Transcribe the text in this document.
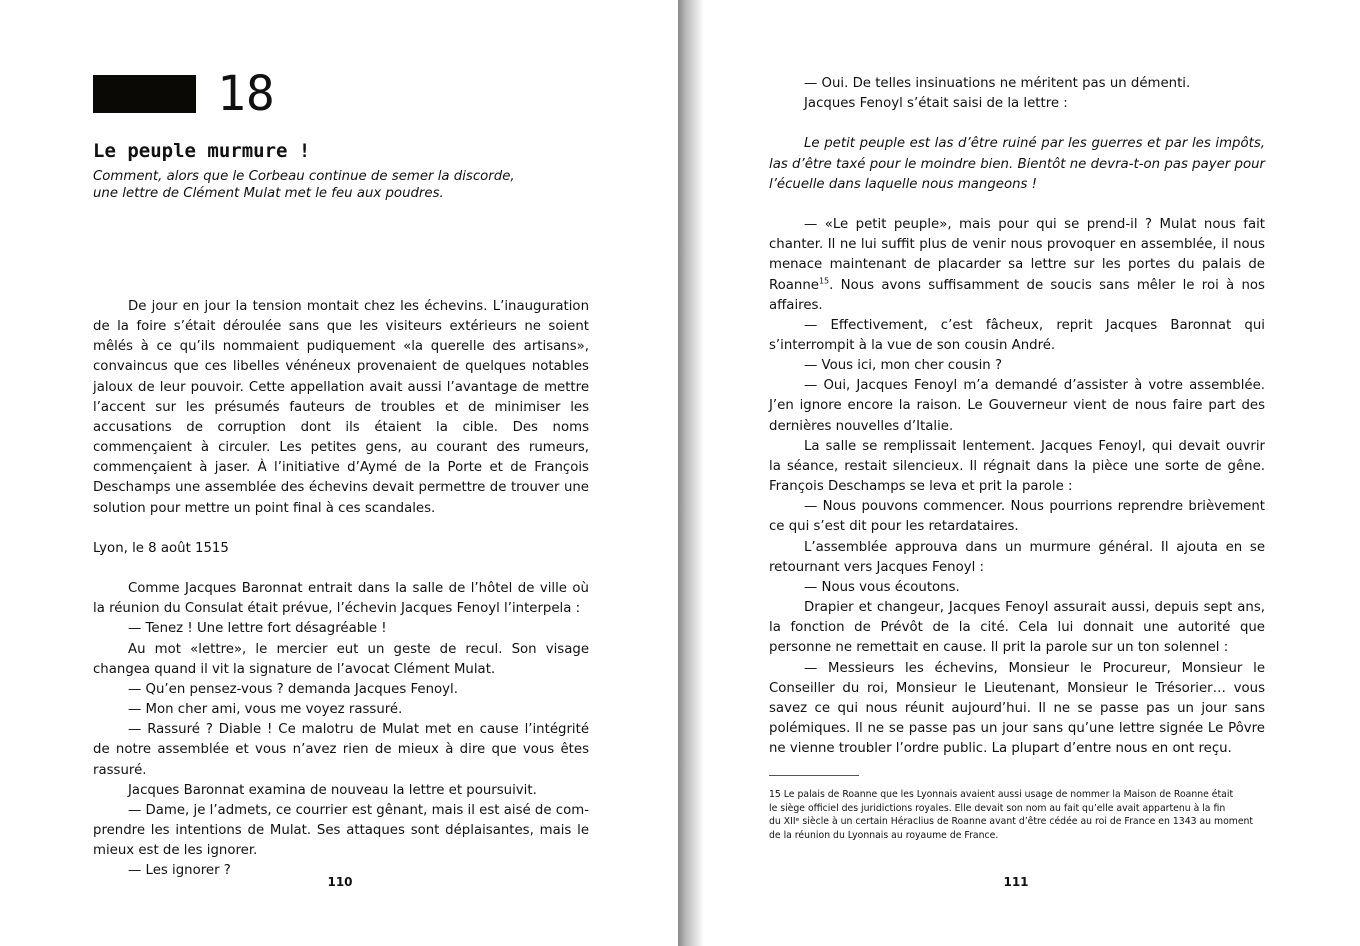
18
Le peuple murmure !
Comment, alors que le Corbeau continue de semer la discorde, une lettre de Clément Mulat met le feu aux poudres.

De jour en jour la tension montait chez les échevins. L’inauguration de la foire s’était déroulée sans que les visiteurs extérieurs ne soient mêlés à ce qu’ils nommaient pudiquement «la querelle des artisans», convaincus que ces libelles vénéneux provenaient de quelques notables jaloux de leur pouvoir. Cette appellation avait aussi l’avantage de mettre l’accent sur les présumés fauteurs de troubles et de minimiser les accusations de corruption dont ils étaient la cible. Des noms commençaient à circuler. Les petites gens, au courant des rumeurs, commençaient à jaser. À l’initiative d’Aymé de la Porte et de François Deschamps une assemblée des échevins devait permettre de trouver une solution pour mettre un point final à ces scandales.

Lyon, le 8 août 1515

Comme Jacques Baronnat entrait dans la salle de l’hôtel de ville où la réunion du Consulat était prévue, l’échevin Jacques Fenoyl l’interpela :

— Tenez ! Une lettre fort désagréable !

Au mot «lettre», le mercier eut un geste de recul. Son visage changea quand il vit la signature de l’avocat Clément Mulat.

— Qu’en pensez-vous ? demanda Jacques Fenoyl.

— Mon cher ami, vous me voyez rassuré.

— Rassuré ? Diable ! Ce malotru de Mulat met en cause l’intégrité de notre assemblée et vous n’avez rien de mieux à dire que vous êtes rassuré.

Jacques Baronnat examina de nouveau la lettre et poursuivit.

— Dame, je l’admets, ce courrier est gênant, mais il est aisé de comprendre les intentions de Mulat. Ses attaques sont déplaisantes, mais le mieux est de les ignorer.

— Les ignorer ?

110

— Oui. De telles insinuations ne méritent pas un démenti.

Jacques Fenoyl s’était saisi de la lettre :

Le petit peuple est las d’être ruiné par les guerres et par les impôts, las d’être taxé pour le moindre bien. Bientôt ne devra-t-on pas payer pour l’écuelle dans laquelle nous mangeons !

— «Le petit peuple», mais pour qui se prend-il ? Mulat nous fait chanter. Il ne lui suffit plus de venir nous provoquer en assemblée, il nous menace maintenant de placarder sa lettre sur les portes du palais de Roanne$^{15}$. Nous avons suffisamment de soucis sans mêler le roi à nos affaires.

— Effectivement, c’est fâcheux, reprit Jacques Baronnat qui s’interrompit à la vue de son cousin André.

— Vous ici, mon cher cousin ?

— Oui, Jacques Fenoyl m’a demandé d’assister à votre assemblée. J’en ignore encore la raison. Le Gouverneur vient de nous faire part des dernières nouvelles d’Italie.

La salle se remplissait lentement. Jacques Fenoyl, qui devait ouvrir la séance, restait silencieux. Il régnait dans la pièce une sorte de gêne. François Deschamps se leva et prit la parole :

— Nous pouvons commencer. Nous pourrions reprendre brièvement ce qui s’est dit pour les retardataires.

L’assemblée approuva dans un murmure général. Il ajouta en se retournant vers Jacques Fenoyl :

— Nous vous écoutons.

Drapier et changeur, Jacques Fenoyl assurait aussi, depuis sept ans, la fonction de Prévôt de la cité. Cela lui donnait une autorité que personne ne remettait en cause. Il prit la parole sur un ton solennel :

— Messieurs les échevins, Monsieur le Procureur, Monsieur le Conseiller du roi, Monsieur le Lieutenant, Monsieur le Trésorier… vous savez ce qui nous réunit aujourd’hui. Il ne se passe pas un jour sans polémiques. Il ne se passe pas un jour sans qu’une lettre signée Le Pôvre ne vienne troubler l’ordre public. La plupart d’entre nous en ont reçu.

15 Le palais de Roanne que les Lyonnais avaient aussi usage de nommer la Maison de Roanne était
le siège officiel des juridictions royales. Elle devait son nom au fait qu’elle avait appartenu à la fin
du XIIᵉ siècle à un certain Héraclius de Roanne avant d’être cédée au roi de France en 1343 au moment
de la réunion du Lyonnais au royaume de France.
111
